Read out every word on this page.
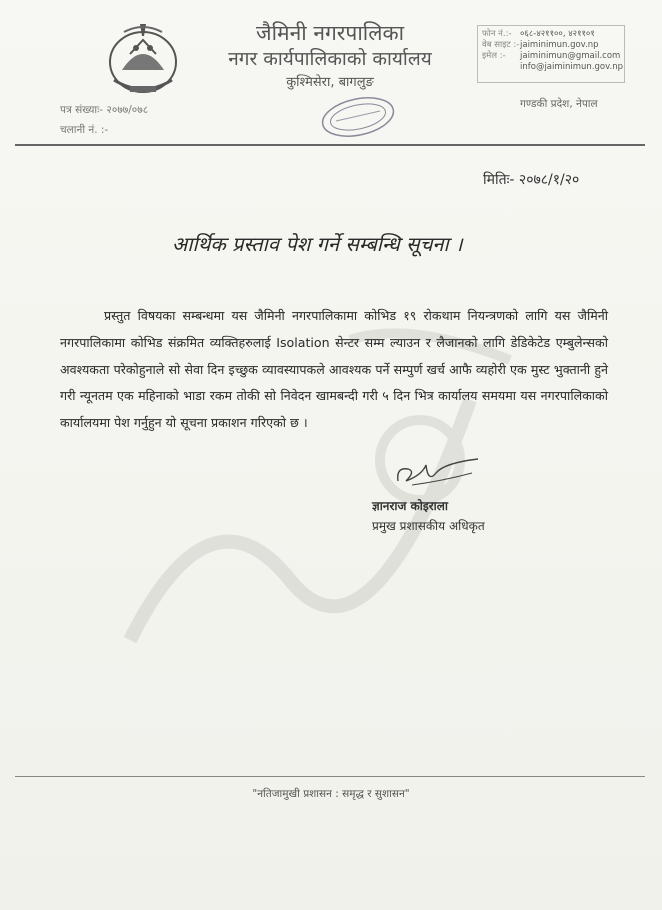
जैमिनी नगरपालिका
नगर कार्यपालिकाको कार्यालय
कुश्मिसेरा, बागलुङ
फोन नं.:- ०६८-४२११००, ४२११०१
वेब साइट :-jaiminimun.gov.np
इमेल :- jaiminimun@gmail.com
info@jaiminimun.gov.np
पत्र संख्याः- २०७७/०७८
चलानी नं. :-
गण्डकी प्रदेश, नेपाल
मितिः- २०७८/१/२०
आर्थिक प्रस्ताव पेश गर्ने सम्बन्धि सूचना ।
प्रस्तुत विषयका सम्बन्धमा यस जैमिनी नगरपालिकामा कोभिड १९ रोकथाम नियन्त्रणको लागि यस जैमिनी नगरपालिकामा कोभिड संक्रमित व्यक्तिहरुलाई Isolation सेन्टर सम्म ल्याउन र लैजानको लागि डेडिकेटेड एम्बुलेन्सको अवश्यकता परेकोहुनाले सो सेवा दिन इच्छुक व्यावस्यापकले आवश्यक पर्ने सम्पुर्ण खर्च आफै व्यहोरी एक मुस्ट भुक्तानी हुने गरी न्यूनतम एक महिनाको भाडा रकम तोकी सो निवेदन खामबन्दी गरी ५ दिन भित्र कार्यालय समयमा यस नगरपालिकाको कार्यालयमा पेश गर्नुहुन यो सूचना प्रकाशन गरिएको छ ।
ज्ञानराज कोइराला
प्रमुख प्रशासकीय अधिकृत
"नतिजामुखी प्रशासन : समृद्ध र सुशासन"
